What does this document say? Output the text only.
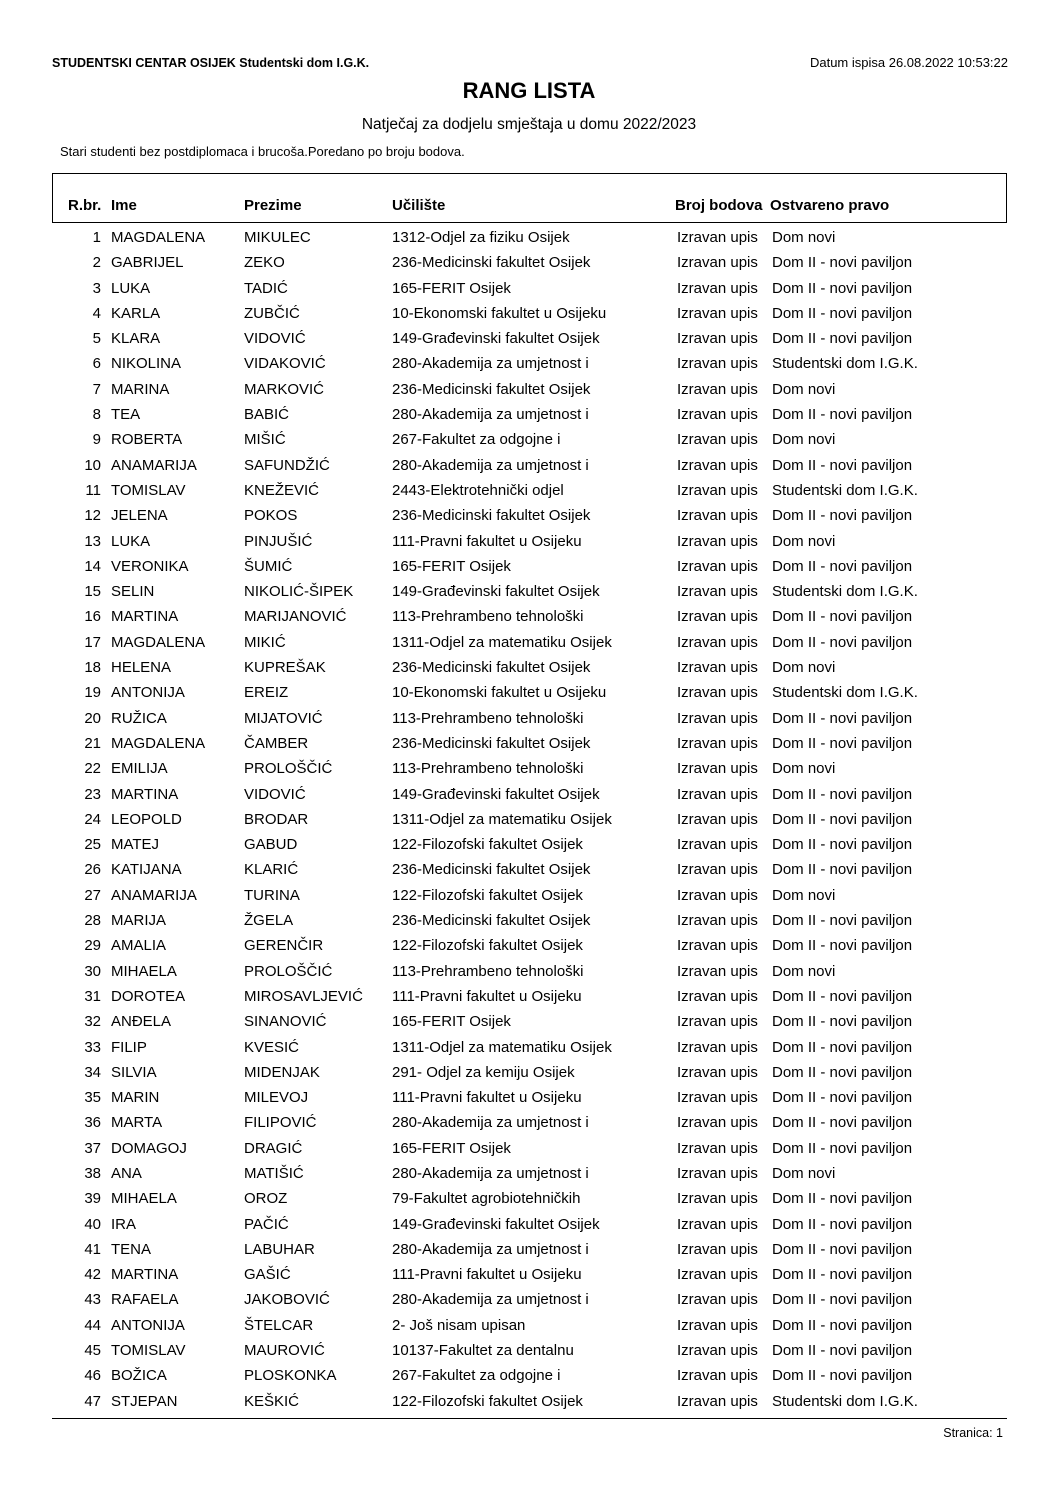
STUDENTSKI CENTAR OSIJEK Studentski dom I.G.K.	Datum ispisa 26.08.2022 10:53:22
RANG LISTA
Natječaj za dodjelu smještaja u domu 2022/2023
Stari studenti bez postdiplomaca i brucoša.Poredano po broju bodova.
R.br. Ime	Prezime	Učilište	Broj bodova Ostvareno pravo
1 MAGDALENA	MIKULEC	1312-Odjel za fiziku Osijek	Izravan upis Dom novi
2 GABRIJEL	ZEKO	236-Medicinski fakultet Osijek	Izravan upis Dom II - novi paviljon
3 LUKA	TADIĆ	165-FERIT Osijek	Izravan upis Dom II - novi paviljon
4 KARLA	ZUBČIĆ	10-Ekonomski fakultet u Osijeku	Izravan upis Dom II - novi paviljon
5 KLARA	VIDOVIĆ	149-Građevinski fakultet Osijek	Izravan upis Dom II - novi paviljon
6 NIKOLINA	VIDAKOVIĆ	280-Akademija za umjetnost i	Izravan upis Studentski dom I.G.K.
7 MARINA	MARKOVIĆ	236-Medicinski fakultet Osijek	Izravan upis Dom novi
8 TEA	BABIĆ	280-Akademija za umjetnost i	Izravan upis Dom II - novi paviljon
9 ROBERTA	MIŠIĆ	267-Fakultet za odgojne i	Izravan upis Dom novi
10 ANAMARIJA	SAFUNDŽIĆ	280-Akademija za umjetnost i	Izravan upis Dom II - novi paviljon
11 TOMISLAV	KNEŽEVIĆ	2443-Elektrotehnički odjel	Izravan upis Studentski dom I.G.K.
12 JELENA	POKOS	236-Medicinski fakultet Osijek	Izravan upis Dom II - novi paviljon
13 LUKA	PINJUŠIĆ	111-Pravni fakultet u Osijeku	Izravan upis Dom novi
14 VERONIKA	ŠUMIĆ	165-FERIT Osijek	Izravan upis Dom II - novi paviljon
15 SELIN	NIKOLIĆ-ŠIPEK	149-Građevinski fakultet Osijek	Izravan upis Studentski dom I.G.K.
16 MARTINA	MARIJANOVIĆ	113-Prehrambeno tehnološki	Izravan upis Dom II - novi paviljon
17 MAGDALENA	MIKIĆ	1311-Odjel za matematiku Osijek	Izravan upis Dom II - novi paviljon
18 HELENA	KUPREŠAK	236-Medicinski fakultet Osijek	Izravan upis Dom novi
19 ANTONIJA	EREIZ	10-Ekonomski fakultet u Osijeku	Izravan upis Studentski dom I.G.K.
20 RUŽICA	MIJATOVIĆ	113-Prehrambeno tehnološki	Izravan upis Dom II - novi paviljon
21 MAGDALENA	ČAMBER	236-Medicinski fakultet Osijek	Izravan upis Dom II - novi paviljon
22 EMILIJA	PROLOŠČIĆ	113-Prehrambeno tehnološki	Izravan upis Dom novi
23 MARTINA	VIDOVIĆ	149-Građevinski fakultet Osijek	Izravan upis Dom II - novi paviljon
24 LEOPOLD	BRODAR	1311-Odjel za matematiku Osijek	Izravan upis Dom II - novi paviljon
25 MATEJ	GABUD	122-Filozofski fakultet Osijek	Izravan upis Dom II - novi paviljon
26 KATIJANA	KLARIĆ	236-Medicinski fakultet Osijek	Izravan upis Dom II - novi paviljon
27 ANAMARIJA	TURINA	122-Filozofski fakultet Osijek	Izravan upis Dom novi
28 MARIJA	ŽGELA	236-Medicinski fakultet Osijek	Izravan upis Dom II - novi paviljon
29 AMALIA	GERENČIR	122-Filozofski fakultet Osijek	Izravan upis Dom II - novi paviljon
30 MIHAELA	PROLOŠČIĆ	113-Prehrambeno tehnološki	Izravan upis Dom novi
31 DOROTEA	MIROSAVLJEVIĆ 111-Pravni fakultet u Osijeku	Izravan upis Dom II - novi paviljon
32 ANĐELA	SINANOVIĆ	165-FERIT Osijek	Izravan upis Dom II - novi paviljon
33 FILIP	KVESIĆ	1311-Odjel za matematiku Osijek	Izravan upis Dom II - novi paviljon
34 SILVIA	MIDENJAK	291- Odjel za kemiju Osijek	Izravan upis Dom II - novi paviljon
35 MARIN	MILEVOJ	111-Pravni fakultet u Osijeku	Izravan upis Dom II - novi paviljon
36 MARTA	FILIPOVIĆ	280-Akademija za umjetnost i	Izravan upis Dom II - novi paviljon
37 DOMAGOJ	DRAGIĆ	165-FERIT Osijek	Izravan upis Dom II - novi paviljon
38 ANA	MATIŠIĆ	280-Akademija za umjetnost i	Izravan upis Dom novi
39 MIHAELA	OROZ	79-Fakultet agrobiotehničkih	Izravan upis Dom II - novi paviljon
40 IRA	PAČIĆ	149-Građevinski fakultet Osijek	Izravan upis Dom II - novi paviljon
41 TENA	LABUHAR	280-Akademija za umjetnost i	Izravan upis Dom II - novi paviljon
42 MARTINA	GAŠIĆ	111-Pravni fakultet u Osijeku	Izravan upis Dom II - novi paviljon
43 RAFAELA	JAKOBOVIĆ	280-Akademija za umjetnost i	Izravan upis Dom II - novi paviljon
44 ANTONIJA	ŠTELCAR	2- Još nisam upisan	Izravan upis Dom II - novi paviljon
45 TOMISLAV	MAUROVIĆ	10137-Fakultet za dentalnu	Izravan upis Dom II - novi paviljon
46 BOŽICA	PLOSKONKA	267-Fakultet za odgojne i	Izravan upis Dom II - novi paviljon
47 STJEPAN	KEŠKIĆ	122-Filozofski fakultet Osijek	Izravan upis Studentski dom I.G.K.
Stranica: 1
